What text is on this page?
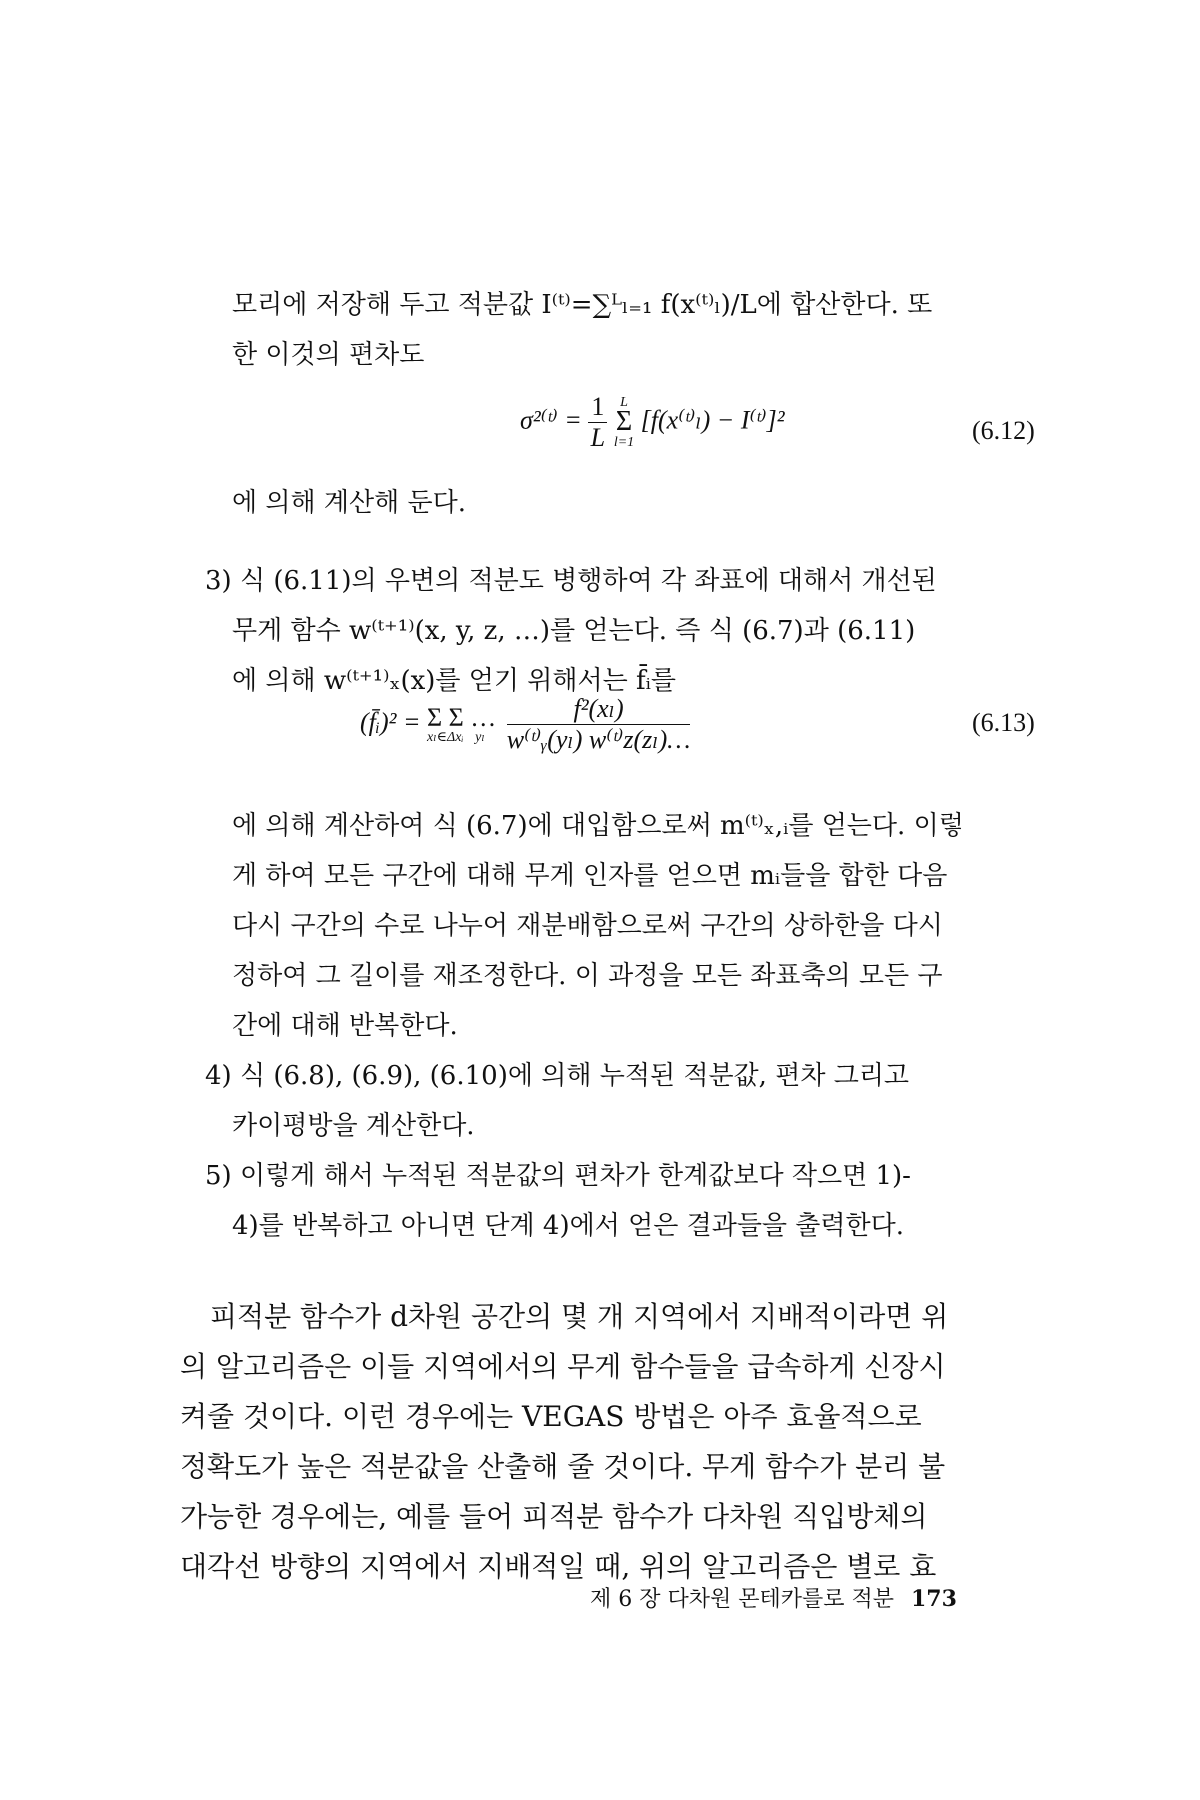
모리에 저장해 두고 적분값 I⁽ᵗ⁾=∑ᴸₗ₌₁ f(x⁽ᵗ⁾ₗ)/L에 합산한다. 또

한 이것의 편차도

σ²⁽ᵗ⁾ = $\frac{1}{L}$
L
Σ
l=1
[f(x⁽ᵗ⁾ₗ) − I⁽ᵗ⁾]²	(6.12)

에 의해 계산해 둔다.

3) 식 (6.11)의 우변의 적분도 병행하여 각 좌표에 대해서 개선된

무게 함수 w⁽ᵗ⁺¹⁾(x, y, z, …)를 얻는다. 즉 식 (6.7)과 (6.11)

에 의해 w⁽ᵗ⁺¹⁾ₓ(x)를 얻기 위해서는 f̄ᵢ를

(f̄ᵢ)² = Σ Σ …
xₗ∈Δxᵢ yₗ
$\frac{\text{f²(xₗ)}}{\text{w⁽ᵗ⁾ᵧ(yₗ) w⁽ᵗ⁾z(zₗ)…}}$	(6.13)

에 의해 계산하여 식 (6.7)에 대입함으로써 m⁽ᵗ⁾ₓ,ᵢ를 얻는다. 이렇

게 하여 모든 구간에 대해 무게 인자를 얻으면 mᵢ들을 합한 다음

다시 구간의 수로 나누어 재분배함으로써 구간의 상하한을 다시

정하여 그 길이를 재조정한다. 이 과정을 모든 좌표축의 모든 구

간에 대해 반복한다.

4) 식 (6.8), (6.9), (6.10)에 의해 누적된 적분값, 편차 그리고

카이평방을 계산한다.

5) 이렇게 해서 누적된 적분값의 편차가 한계값보다 작으면 1)-

4)를 반복하고 아니면 단계 4)에서 얻은 결과들을 출력한다.

피적분 함수가 d차원 공간의 몇 개 지역에서 지배적이라면 위

의 알고리즘은 이들 지역에서의 무게 함수들을 급속하게 신장시

켜줄 것이다. 이런 경우에는 VEGAS 방법은 아주 효율적으로

정확도가 높은 적분값을 산출해 줄 것이다. 무게 함수가 분리 불

가능한 경우에는, 예를 들어 피적분 함수가 다차원 직입방체의

대각선 방향의 지역에서 지배적일 때, 위의 알고리즘은 별로 효

제 6 장 다차원 몬테카를로 적분 173
